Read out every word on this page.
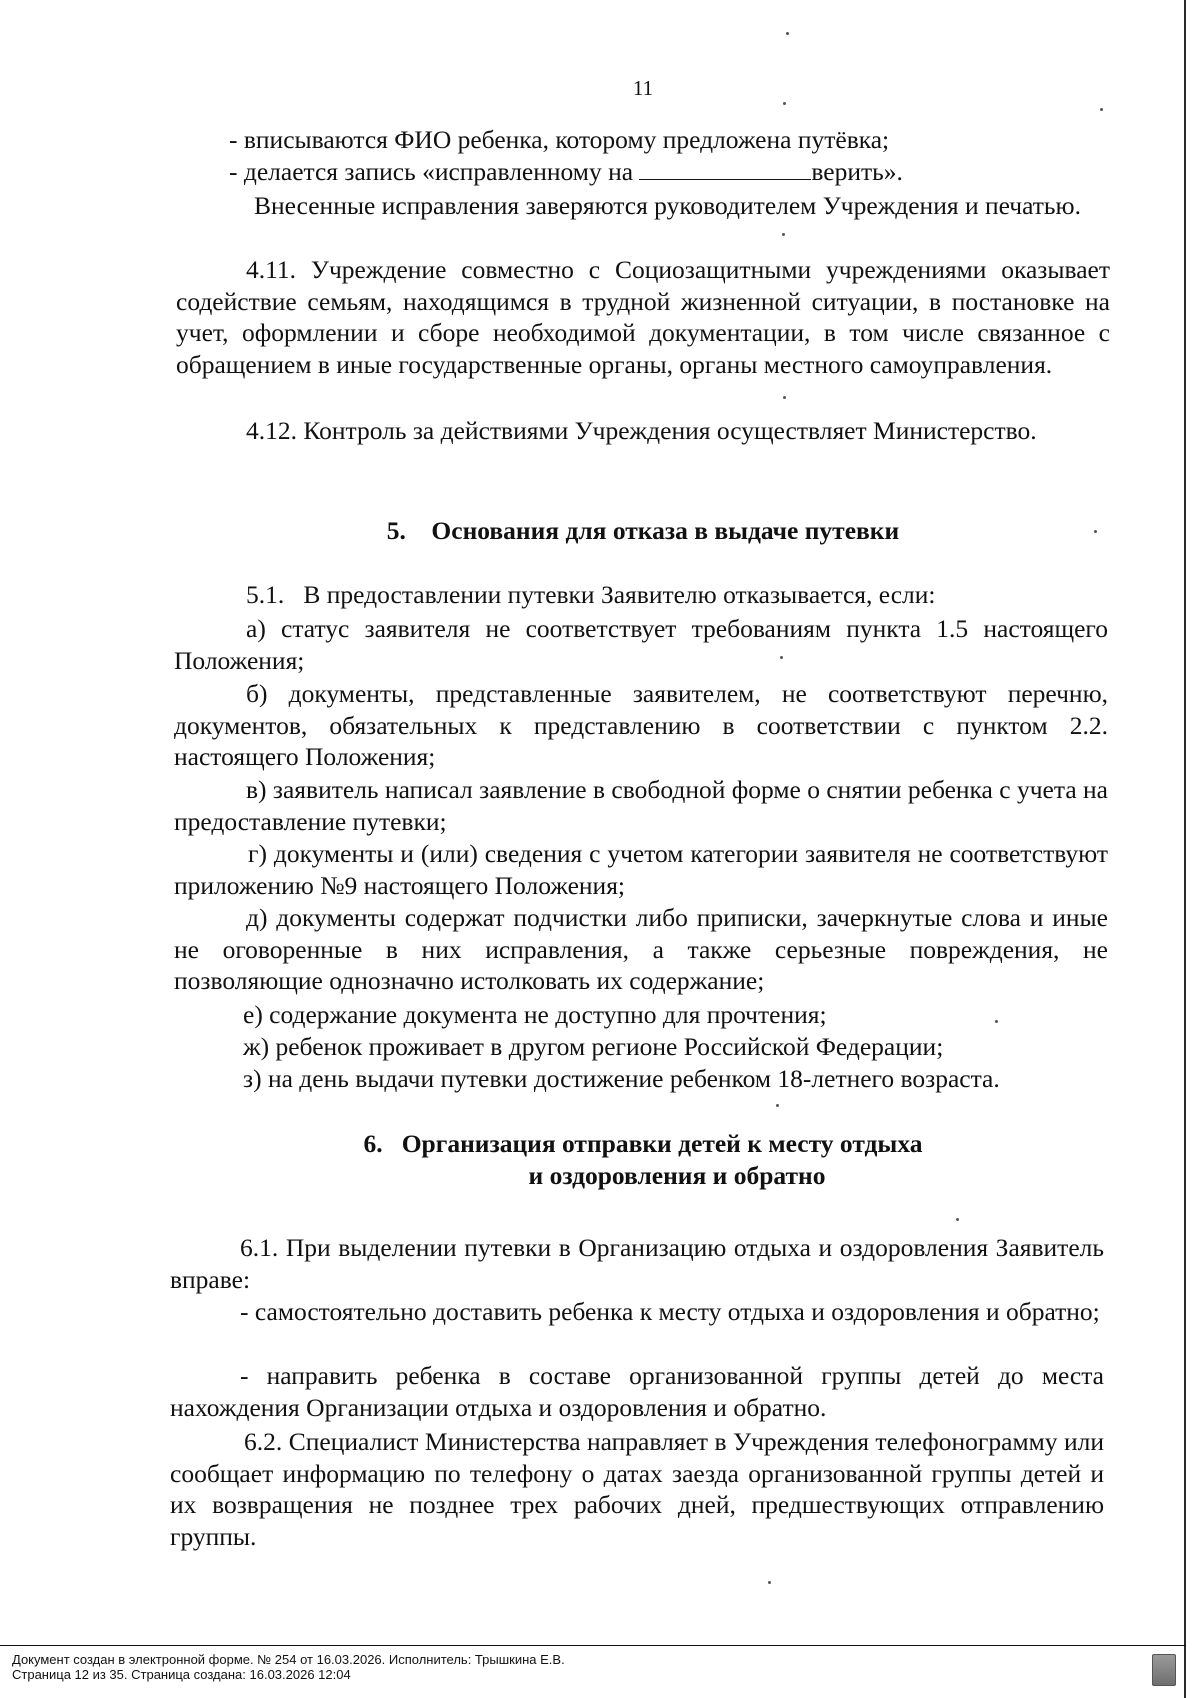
11

- вписываются ФИО ребенка, которому предложена путёвка;

- делается запись «исправленному на	верить».

Внесенные исправления заверяются руководителем Учреждения и печатью.

4.11. Учреждение совместно с Социозащитными учреждениями оказывает содействие семьям, находящимся в трудной жизненной ситуации, в постановке на учет, оформлении и сборе необходимой документации, в том числе связанное с обращением в иные государственные органы, органы местного самоуправления.

4.12. Контроль за действиями Учреждения осуществляет Министерство.

5.    Основания для отказа в выдаче путевки
5.1.   В предоставлении путевки Заявителю отказывается, если:

а) статус заявителя не соответствует требованиям пункта 1.5 настоящего Положения;

б) документы, представленные заявителем, не соответствуют перечню, документов, обязательных к представлению в соответствии с пунктом 2.2. настоящего Положения;

в) заявитель написал заявление в свободной форме о снятии ребенка с учета на предоставление путевки;

г) документы и (или) сведения с учетом категории заявителя не соответствуют приложению №9 настоящего Положения;

д) документы содержат подчистки либо приписки, зачеркнутые слова и иные не оговоренные в них исправления, а также серьезные повреждения, не позволяющие однозначно истолковать их содержание;

е) содержание документа не доступно для прочтения;
ж) ребенок проживает в другом регионе Российской Федерации;
з) на день выдачи путевки достижение ребенком 18-летнего возраста.
6.   Организация отправки детей к месту отдыха
и оздоровления и обратно

6.1. При выделении путевки в Организацию отдыха и оздоровления Заявитель вправе:

- самостоятельно доставить ребенка к месту отдыха и оздоровления и обратно;

- направить ребенка в составе организованной группы детей до места нахождения Организации отдыха и оздоровления и обратно.

6.2. Специалист Министерства направляет в Учреждения телефонограмму или сообщает информацию по телефону о датах заезда организованной группы детей и их возвращения не позднее трех рабочих дней, предшествующих отправлению группы.

Документ создан в электронной форме. № 254 от 16.03.2026. Исполнитель: Трышкина Е.В.
Страница 12 из 35. Страница создана: 16.03.2026 12:04
